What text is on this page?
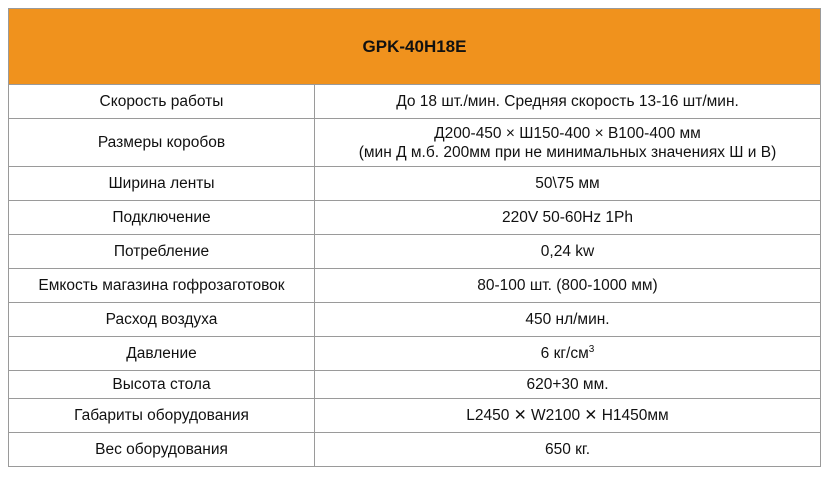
GPK-40H18E	
Скорость работы	До 18 шт./мин. Средняя скорость 13-16 шт/мин.
Размеры коробов	Д200-450 × Ш150-400 × В100-400 мм
(мин Д м.б. 200мм при не минимальных значениях Ш и В)

Ширина ленты	50\75 мм
Подключение	220V 50-60Hz 1Ph
Потребление	0,24 kw
Емкость магазина гофрозаготовок	80-100 шт. (800-1000 мм)
Расход воздуха	450 нл/мин.
Давление	6 $кг/см^3$
Высота стола	620+30 мм.
Габариты оборудования	L2450 ✕ W2100 ✕ H1450мм
Вес оборудования	650 кг.
